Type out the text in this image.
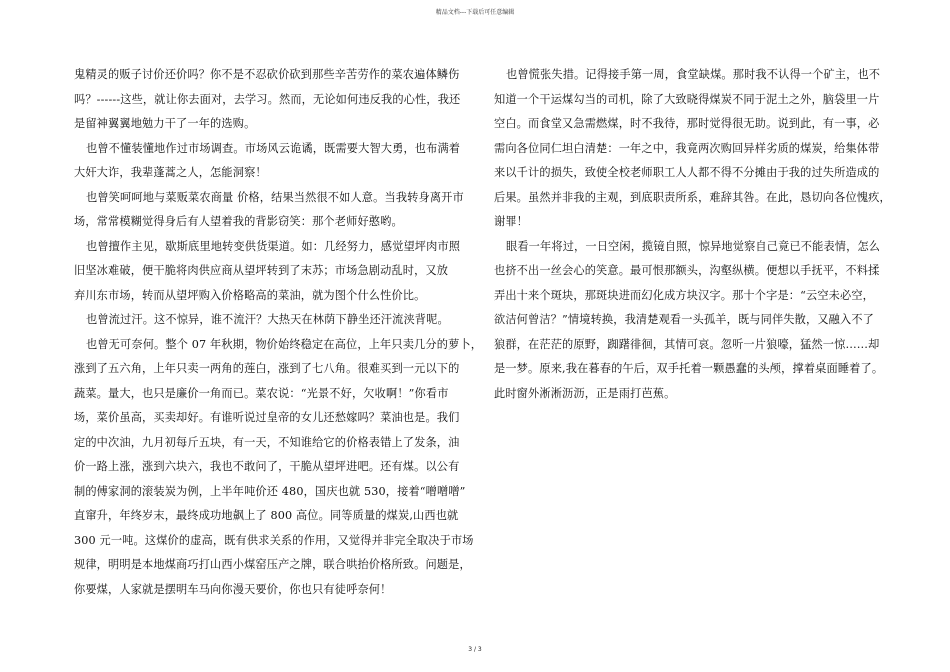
精品文档---下载后可任意编辑
鬼精灵的贩子讨价还价吗？你不是不忍砍价砍到那些辛苦劳作的菜农遍体鳞伤
吗？------这些，就让你去面对，去学习。然而，无论如何违反我的心性，我还
是留神翼翼地勉力干了一年的选购。
也曾不懂装懂地作过市场调查。市场风云诡谲，既需要大智大勇，也布满着
大奸大诈，我辈蓬蒿之人，怎能洞察！
也曾笑呵呵地与菜贩菜农商量 价格，结果当然很不如人意。当我转身离开市
场，常常模糊觉得身后有人望着我的背影窃笑：那个老师好憨哟。
也曾擅作主见，歇斯底里地转变供货渠道。如：几经努力，感觉望坪肉市照
旧坚冰难破，便干脆将肉供应商从望坪转到了末苏；市场急剧动乱时，又放
弃川东市场，转而从望坪购入价格略高的菜油，就为图个什么性价比。
也曾流过汗。这不惊异，谁不流汗？大热天在林荫下静坐还汗流浃背呢。
也曾无可奈何。整个 07 年秋期，物价始终稳定在高位，上年只卖几分的萝卜，
涨到了五六角，上年只卖一两角的莲白，涨到了七八角。很难买到一元以下的
蔬菜。量大，也只是廉价一角而已。菜农说：“光景不好，欠收啊！”你看市
场，菜价虽高，买卖却好。有谁听说过皇帝的女儿还愁嫁吗？菜油也是。我们
定的中次油，九月初每斤五块，有一天，不知谁给它的价格表错上了发条，油
价一路上涨，涨到六块六，我也不敢问了，干脆从望坪进吧。还有煤。以公有
制的傅家洞的滚装炭为例，上半年吨价还 480，国庆也就 530，接着“噌噌噌”
直窜升，年终岁末，最终成功地飙上了 800 高位。同等质量的煤炭,山西也就
300 元一吨。这煤价的虚高，既有供求关系的作用，又觉得并非完全取决于市场
规律，明明是本地煤商巧打山西小煤窑压产之牌，联合哄抬价格所致。问题是，
你要煤，人家就是摆明车马向你漫天要价，你也只有徒呼奈何！
也曾慌张失措。记得接手第一周，食堂缺煤。那时我不认得一个矿主，也不
知道一个干运煤勾当的司机，除了大致晓得煤炭不同于泥土之外，脑袋里一片
空白。而食堂又急需燃煤，时不我待，那时觉得很无助。说到此，有一事，必
需向各位同仁坦白清楚：一年之中，我竟两次购回异样劣质的煤炭，给集体带
来以千计的损失，致使全校老师职工人人都不得不分摊由于我的过失所造成的
后果。虽然并非我的主观，到底职责所系，难辞其咎。在此，恳切向各位愧疚，
谢罪！
眼看一年将过，一日空闲，揽镜自照，惊异地觉察自己竟已不能表情，怎么
也挤不出一丝会心的笑意。最可恨那额头，沟壑纵横。便想以手抚平，不料揉
弄出十来个斑块，那斑块进而幻化成方块汉字。那十个字是：“云空未必空，
欲洁何曾洁？”情境转换，我清楚观看一头孤羊，既与同伴失散，又融入不了
狼群，在茫茫的原野，踟躇徘徊，其情可哀。忽听一片狼嚎，猛然一惊……却
是一梦。原来,我在暮春的午后，双手托着一颗愚蠢的头颅，撑着桌面睡着了。
此时窗外淅淅沥沥，正是雨打芭蕉。
3 / 3
